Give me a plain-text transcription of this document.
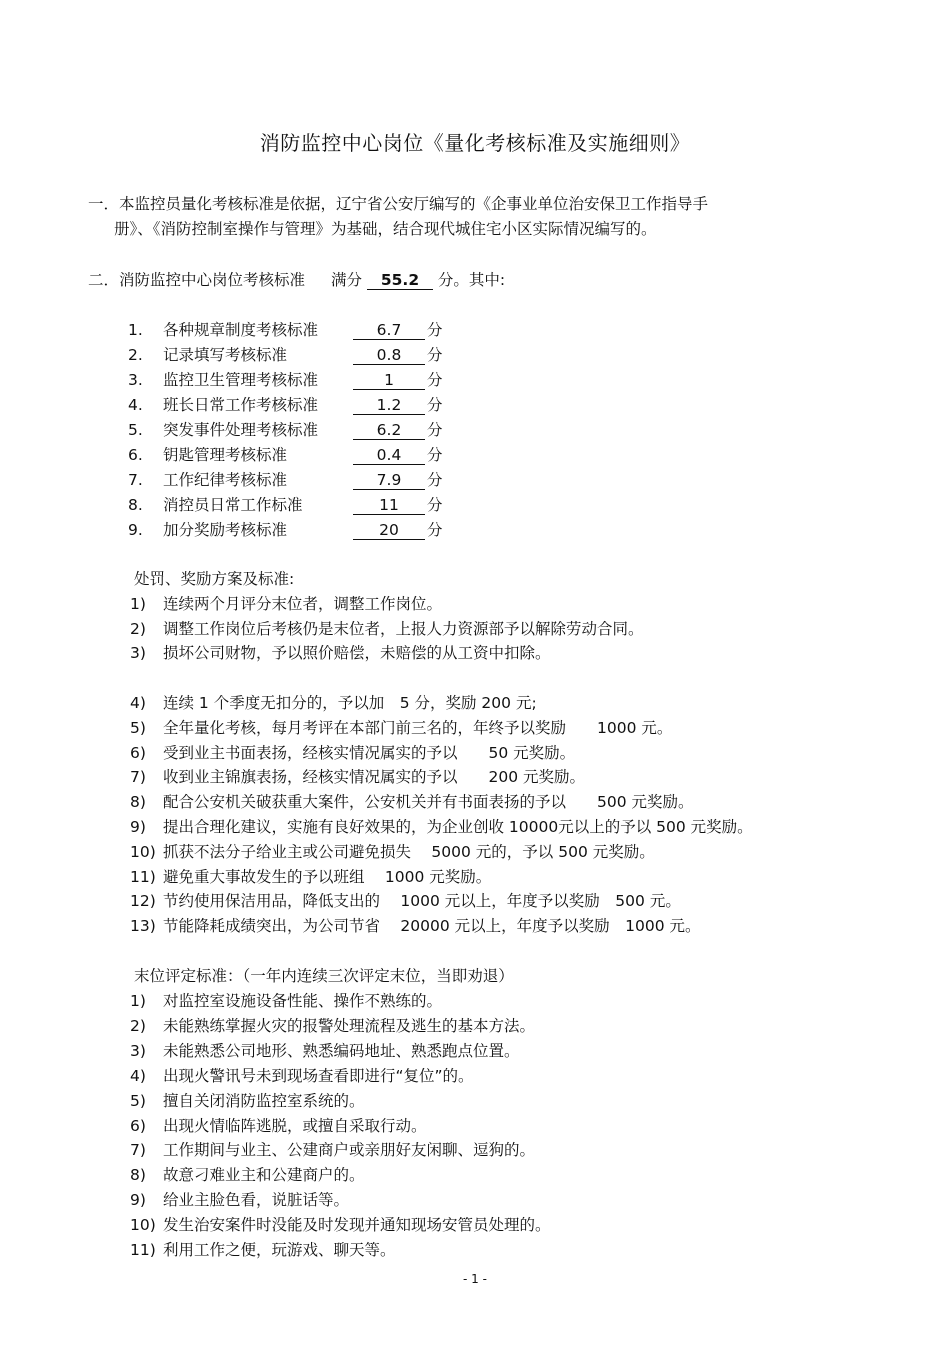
消防监控中心岗位《量化考核标准及实施细则》
一．本监控员量化考核标准是依据，辽宁省公安厅编写的《企事业单位治安保卫工作指导手
册》、《消防控制室操作与管理》为基础，结合现代城住宅小区实际情况编写的。
二．消防监控中心岗位考核标准 满分 55.2 分。其中:
1. 各种规章制度考核标准	6.7 分
2. 记录填写考核标准	0.8 分
3. 监控卫生管理考核标准	1 分
4. 班长日常工作考核标准	1.2 分
5. 突发事件处理考核标准	6.2 分
6. 钥匙管理考核标准	0.4 分
7. 工作纪律考核标准	7.9 分
8. 消控员日常工作标准	11 分
9. 加分奖励考核标准	20 分
处罚、奖励方案及标准:
1) 连续两个月评分末位者，调整工作岗位。
2) 调整工作岗位后考核仍是末位者，上报人力资源部予以解除劳动合同。
3) 损坏公司财物，予以照价赔偿，未赔偿的从工资中扣除。
4) 连续 1 个季度无扣分的，予以加　5 分，奖励 200 元;
5) 全年量化考核，每月考评在本部门前三名的，年终予以奖励　　1000 元。
6) 受到业主书面表扬，经核实情况属实的予以　　50 元奖励。
7) 收到业主锦旗表扬，经核实情况属实的予以　　200 元奖励。
8) 配合公安机关破获重大案件，公安机关并有书面表扬的予以　　500 元奖励。
9) 提出合理化建议，实施有良好效果的，为企业创收 10000元以上的予以 500 元奖励。
10) 抓获不法分子给业主或公司避免损失　 5000 元的，予以 500 元奖励。
11) 避免重大事故发生的予以班组　 1000 元奖励。
12) 节约使用保洁用品，降低支出的　 1000 元以上，年度予以奖励　500 元。
13) 节能降耗成绩突出，为公司节省　 20000 元以上，年度予以奖励　1000 元。
末位评定标准：（一年内连续三次评定末位，当即劝退）
1) 对监控室设施设备性能、操作不熟练的。
2) 未能熟练掌握火灾的报警处理流程及逃生的基本方法。
3) 未能熟悉公司地形、熟悉编码地址、熟悉跑点位置。
4) 出现火警讯号未到现场查看即进行“复位”的。
5) 擅自关闭消防监控室系统的。
6) 出现火情临阵逃脱，或擅自采取行动。
7) 工作期间与业主、公建商户或亲朋好友闲聊、逗狗的。
8) 故意刁难业主和公建商户的。
9) 给业主脸色看，说脏话等。
10) 发生治安案件时没能及时发现并通知现场安管员处理的。
11) 利用工作之便，玩游戏、聊天等。
- 1 -
